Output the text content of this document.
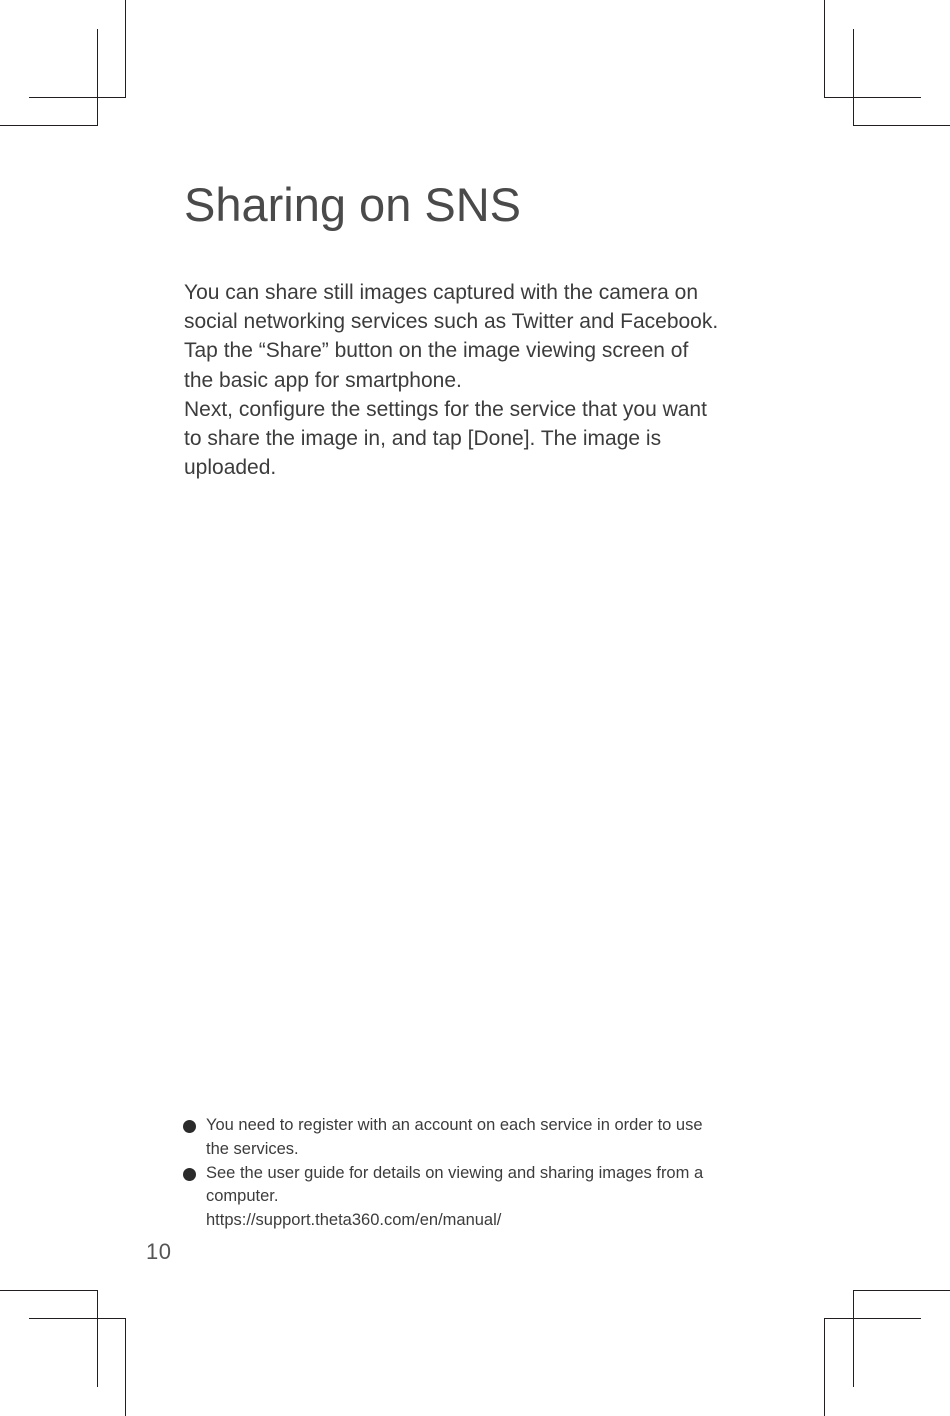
Sharing on SNS

You can share still images captured with the camera on
social networking services such as Twitter and Facebook.
Tap the “Share” button on the image viewing screen of
the basic app for smartphone.
Next, configure the settings for the service that you want
to share the image in, and tap [Done]. The image is
uploaded.

You need to register with an account on each service in order to use
the services.
See the user guide for details on viewing and sharing images from a
computer.
https://support.theta360.com/en/manual/
10
